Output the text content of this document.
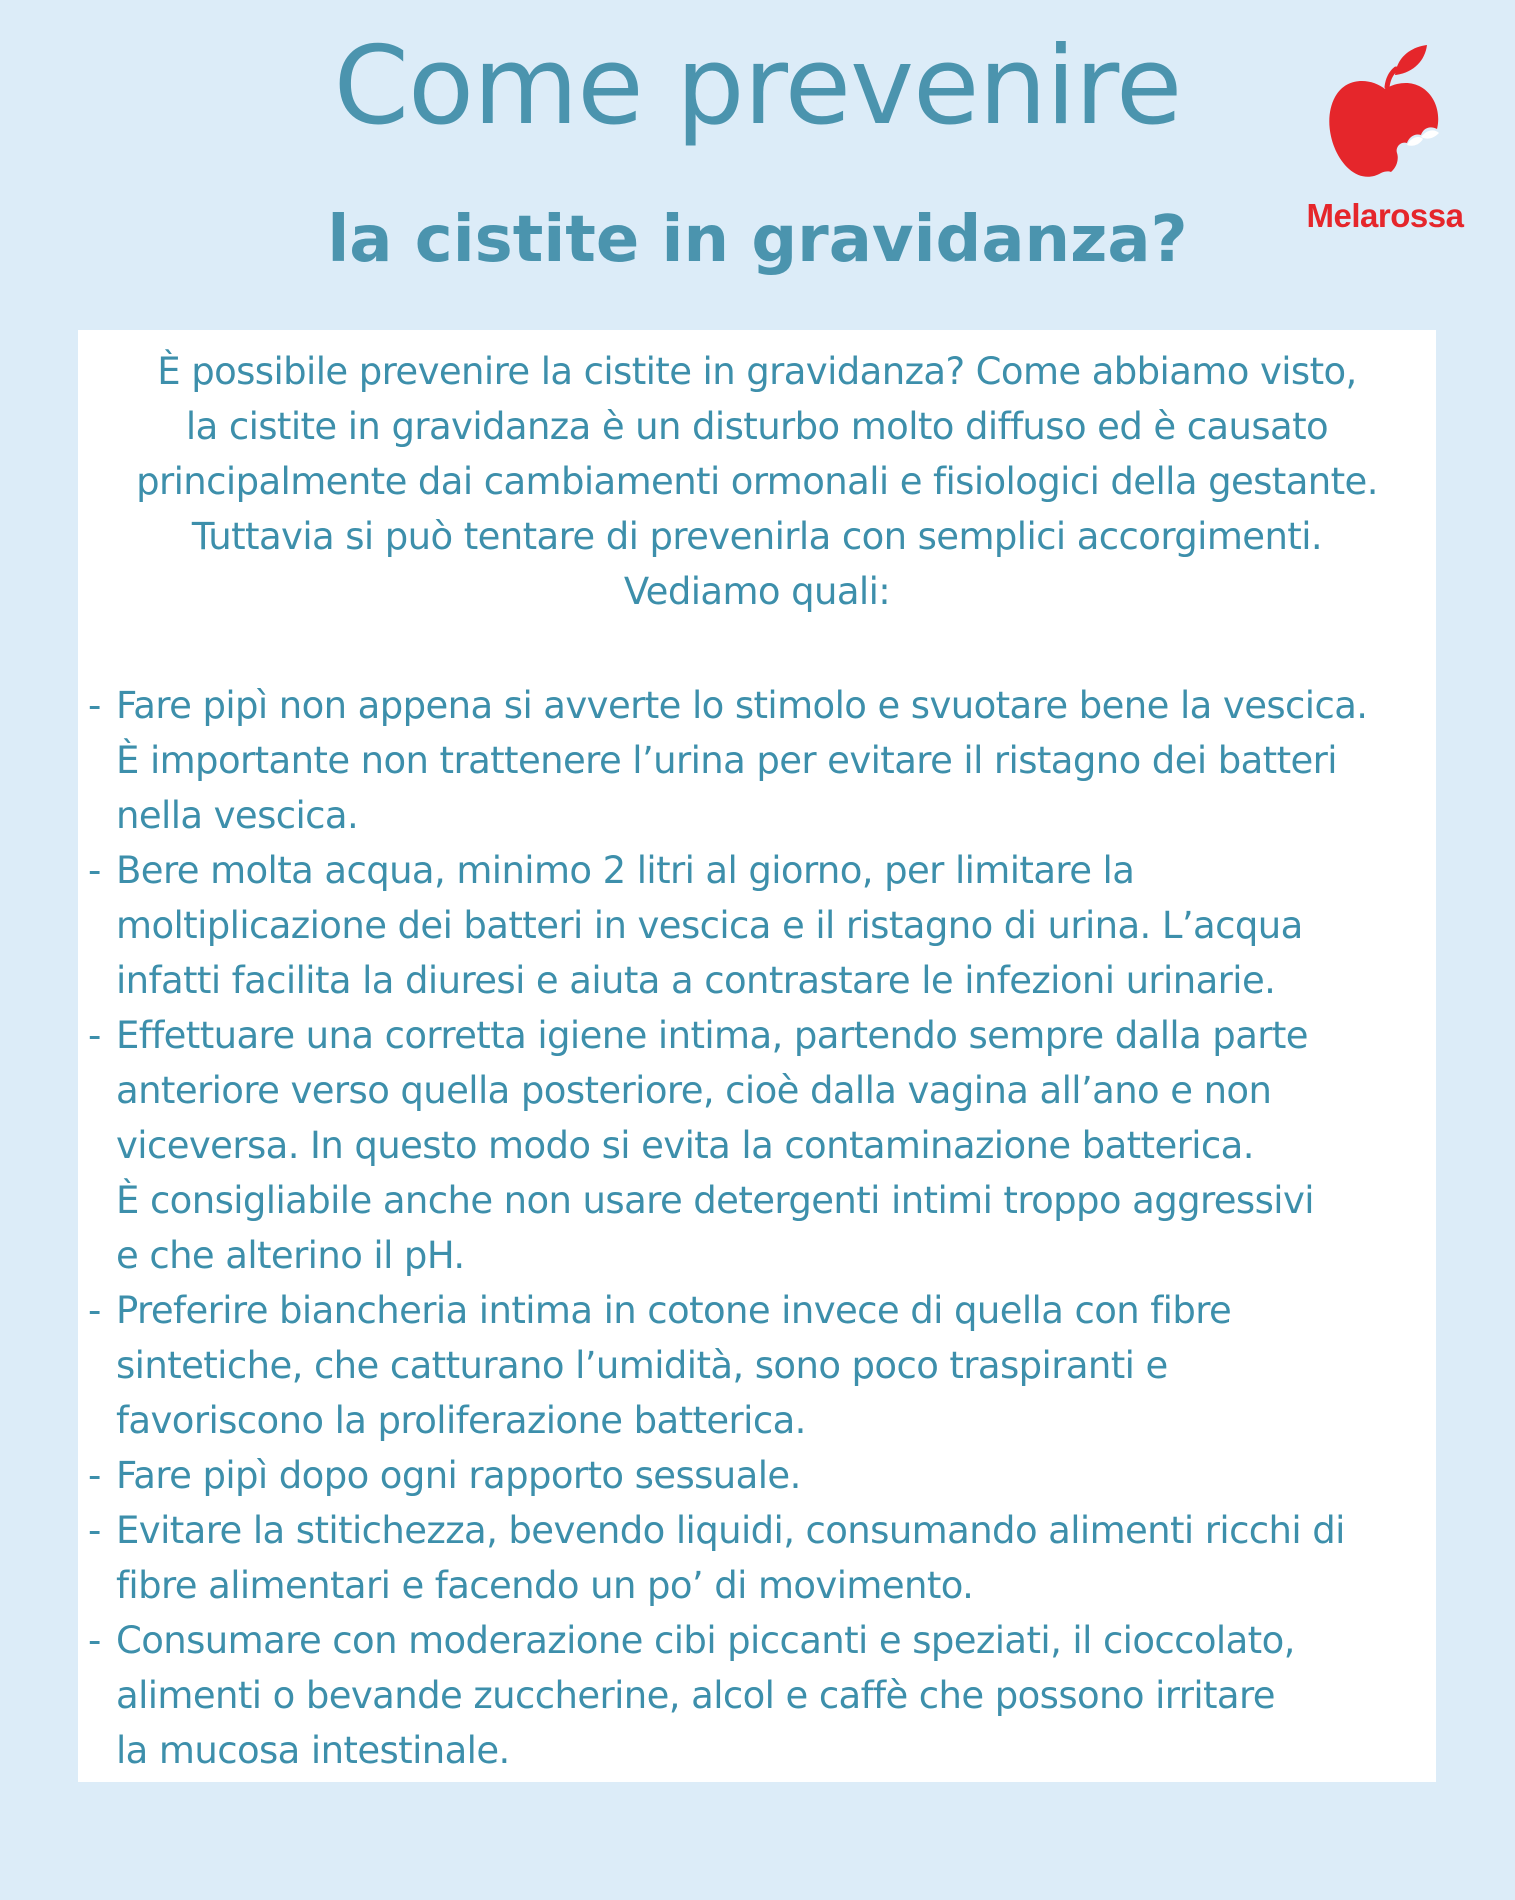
Come prevenire
la cistite in gravidanza?	Melarossa
È possibile prevenire la cistite in gravidanza? Come abbiamo visto,
la cistite in gravidanza è un disturbo molto diffuso ed è causato
principalmente dai cambiamenti ormonali e fisiologici della gestante.
Tuttavia si può tentare di prevenirla con semplici accorgimenti.
Vediamo quali:
- Fare pipì non appena si avverte lo stimolo e svuotare bene la vescica.
È importante non trattenere l’urina per evitare il ristagno dei batteri
nella vescica.
- Bere molta acqua, minimo 2 litri al giorno, per limitare la
moltiplicazione dei batteri in vescica e il ristagno di urina. L’acqua
infatti facilita la diuresi e aiuta a contrastare le infezioni urinarie.
- Effettuare una corretta igiene intima, partendo sempre dalla parte
anteriore verso quella posteriore, cioè dalla vagina all’ano e non
viceversa. In questo modo si evita la contaminazione batterica.
È consigliabile anche non usare detergenti intimi troppo aggressivi
e che alterino il pH.
- Preferire biancheria intima in cotone invece di quella con fibre
sintetiche, che catturano l’umidità, sono poco traspiranti e
favoriscono la proliferazione batterica.
- Fare pipì dopo ogni rapporto sessuale.
- Evitare la stitichezza, bevendo liquidi, consumando alimenti ricchi di
fibre alimentari e facendo un po’ di movimento.
- Consumare con moderazione cibi piccanti e speziati, il cioccolato,
alimenti o bevande zuccherine, alcol e caffè che possono irritare
la mucosa intestinale.
